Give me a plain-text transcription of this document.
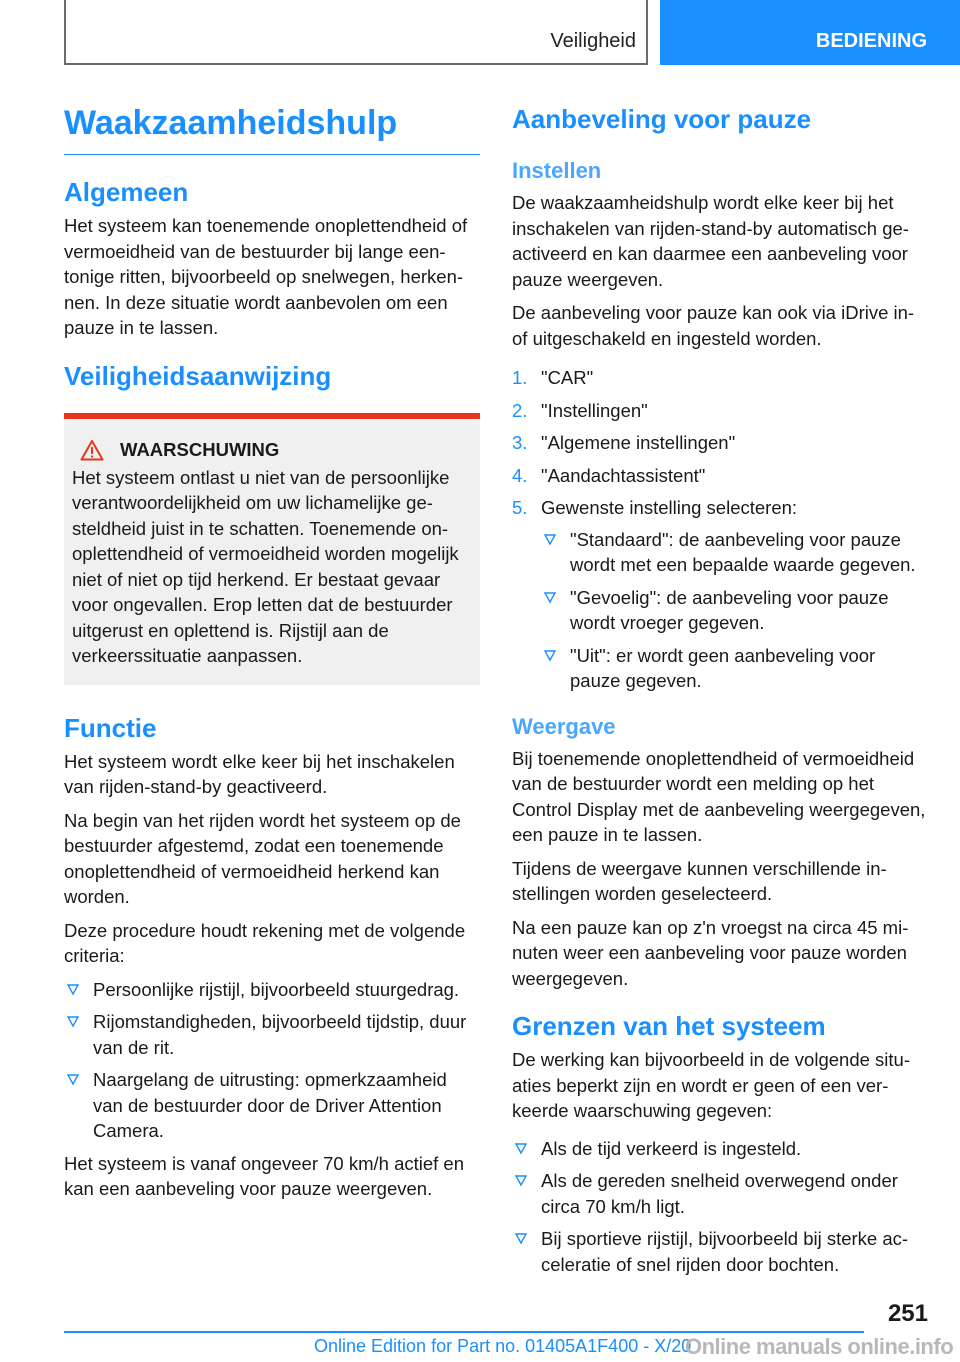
Veiligheid	BEDIENING
Waakzaamheidshulp
Algemeen

Het systeem kan toenemende onoplettendheid of vermoeidheid van de bestuurder bij lange eentonige ritten, bijvoorbeeld op snelwegen, herkennen. In deze situatie wordt aanbevolen om een pauze in te lassen.

Veiligheidsaanwijzing
WAARSCHUWING

Het systeem ontlast u niet van de persoonlijke verantwoordelijkheid om uw lichamelijke gesteldheid juist in te schatten. Toenemende onoplettendheid of vermoeidheid worden mogelijk niet of niet op tijd herkend. Er bestaat gevaar voor ongevallen. Erop letten dat de bestuurder uitgerust en oplettend is. Rijstijl aan de verkeerssituatie aanpassen.

Functie

Het systeem wordt elke keer bij het inschakelen van rijden-stand-by geactiveerd.

Na begin van het rijden wordt het systeem op de bestuurder afgestemd, zodat een toenemende onoplettendheid of vermoeidheid herkend kan worden.

Deze procedure houdt rekening met de volgende criteria:

Persoonlijke rijstijl, bijvoorbeeld stuurgedrag.
Rijomstandigheden, bijvoorbeeld tijdstip, duur van de rit.
Naargelang de uitrusting: opmerkzaamheid van de bestuurder door de Driver Attention Camera.

Het systeem is vanaf ongeveer 70 km/h actief en kan een aanbeveling voor pauze weergeven.

Aanbeveling voor pauze
Instellen

De waakzaamheidshulp wordt elke keer bij het inschakelen van rijden-stand-by automatisch geactiveerd en kan daarmee een aanbeveling voor pauze weergeven.

De aanbeveling voor pauze kan ook via iDrive in- of uitgeschakeld en ingesteld worden.

1. "CAR"
2. "Instellingen"
3. "Algemene instellingen"
4. "Aandachtassistent"
5. Gewenste instelling selecteren:
"Standaard": de aanbeveling voor pauze wordt met een bepaalde waarde gegeven.
"Gevoelig": de aanbeveling voor pauze wordt vroeger gegeven.
"Uit": er wordt geen aanbeveling voor pauze gegeven.
Weergave

Bij toenemende onoplettendheid of vermoeidheid van de bestuurder wordt een melding op het Control Display met de aanbeveling weergegeven, een pauze in te lassen.

Tijdens de weergave kunnen verschillende instellingen worden geselecteerd.

Na een pauze kan op z'n vroegst na circa 45 minuten weer een aanbeveling voor pauze worden weergegeven.

Grenzen van het systeem

De werking kan bijvoorbeeld in de volgende situaties beperkt zijn en wordt er geen of een verkeerde waarschuwing gegeven:

Als de tijd verkeerd is ingesteld.
Als de gereden snelheid overwegend onder circa 70 km/h ligt.
Bij sportieve rijstijl, bijvoorbeeld bij sterke acceleratie of snel rijden door bochten.
251
Online Edition for Part no. 01405A1F400 - X/20
Online manuals online.info
